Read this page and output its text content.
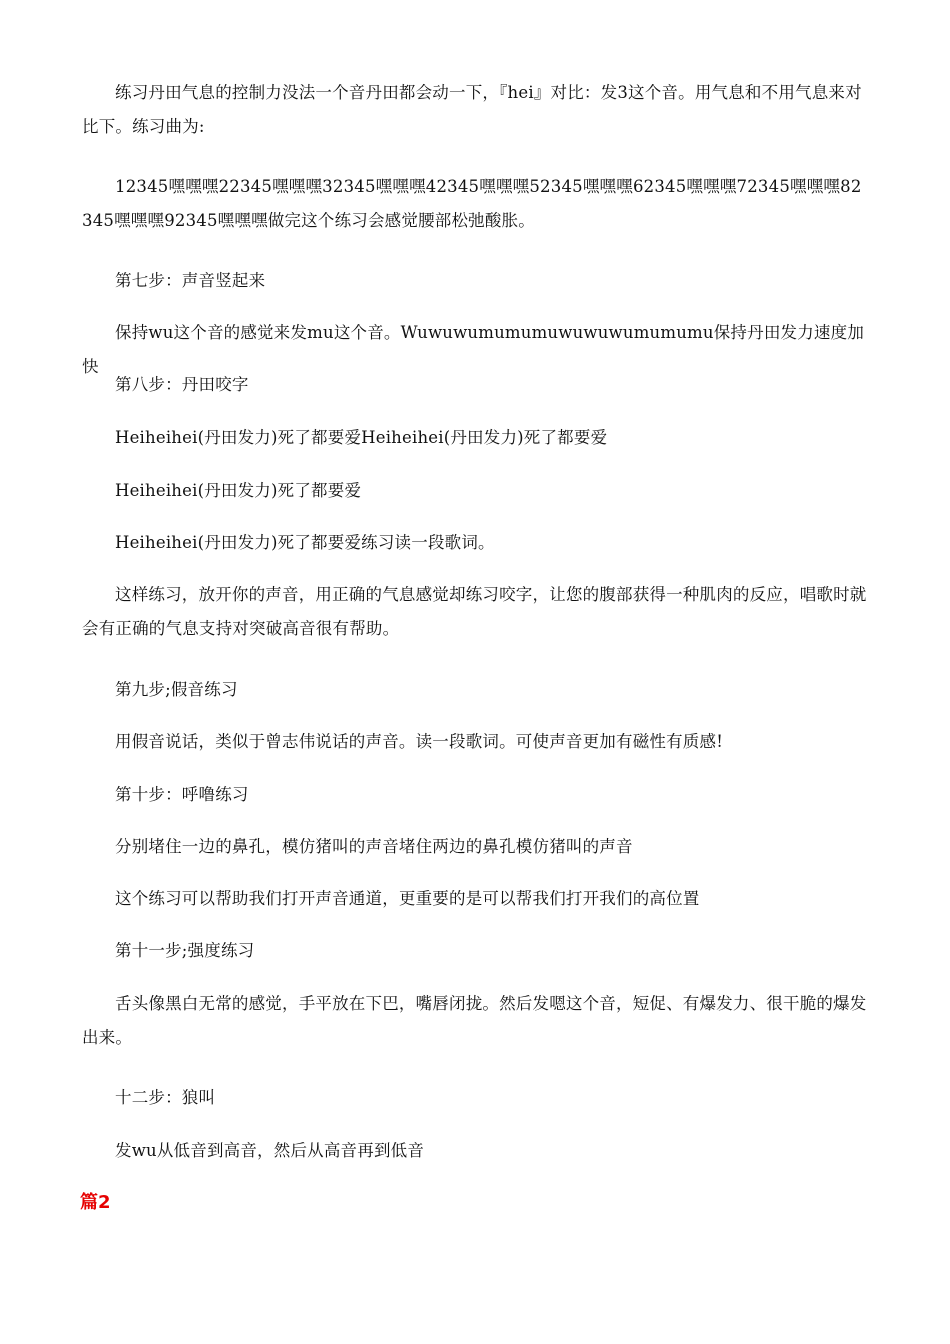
练习丹田气息的控制力没法一个音丹田都会动一下，『hei』对比：发3这个音。用气息和不用气息来对比下。练习曲为:

12345嘿嘿嘿22345嘿嘿嘿32345嘿嘿嘿42345嘿嘿嘿52345嘿嘿嘿62345嘿嘿嘿72345嘿嘿嘿82345嘿嘿嘿92345嘿嘿嘿做完这个练习会感觉腰部松弛酸胀。

第七步：声音竖起来

保持wu这个音的感觉来发mu这个音。Wuwuwumumumuwuwuwumumumu保持丹田发力速度加快

第八步：丹田咬字

Heiheihei(丹田发力)死了都要爱Heiheihei(丹田发力)死了都要爱

Heiheihei(丹田发力)死了都要爱

Heiheihei(丹田发力)死了都要爱练习读一段歌词。

这样练习，放开你的声音，用正确的气息感觉却练习咬字，让您的腹部获得一种肌肉的反应，唱歌时就会有正确的气息支持对突破高音很有帮助。

第九步;假音练习

用假音说话，类似于曾志伟说话的声音。读一段歌词。可使声音更加有磁性有质感!

第十步：呼噜练习

分别堵住一边的鼻孔，模仿猪叫的声音堵住两边的鼻孔模仿猪叫的声音

这个练习可以帮助我们打开声音通道，更重要的是可以帮我们打开我们的高位置

第十一步;强度练习

舌头像黑白无常的感觉，手平放在下巴，嘴唇闭拢。然后发嗯这个音，短促、有爆发力、很干脆的爆发出来。

十二步：狼叫

发wu从低音到高音，然后从高音再到低音

篇2
